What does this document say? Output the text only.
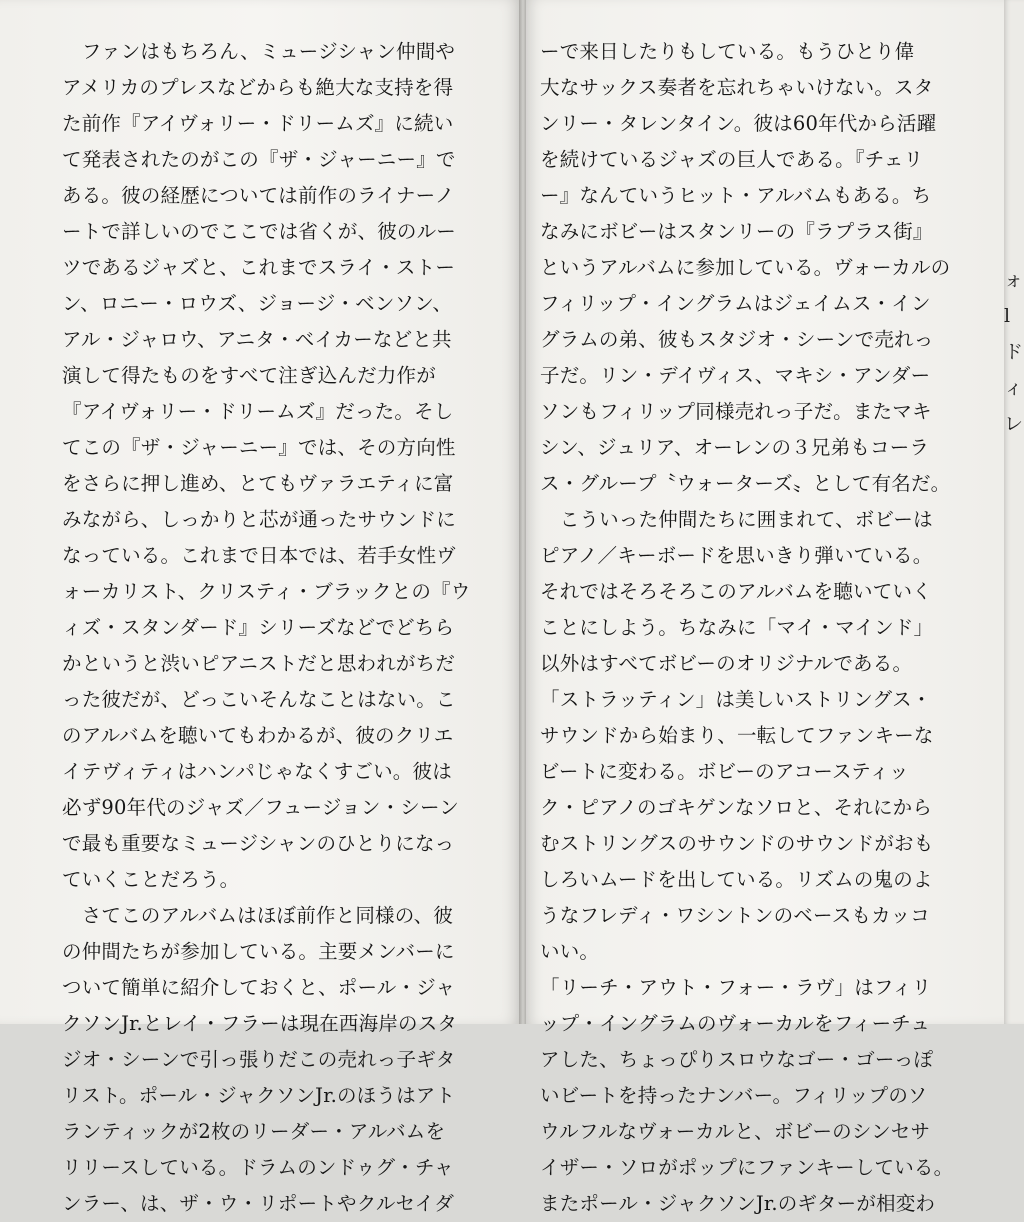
　ファンはもちろん、ミュージシャン仲間や
アメリカのプレスなどからも絶大な支持を得
た前作『アイヴォリー・ドリームズ』に続い
て発表されたのがこの『ザ・ジャーニー』で
ある。彼の経歴については前作のライナーノ
ートで詳しいのでここでは省くが、彼のルー
ツであるジャズと、これまでスライ・ストー
ン、ロニー・ロウズ、ジョージ・ベンソン、
アル・ジャロウ、アニタ・ベイカーなどと共
演して得たものをすべて注ぎ込んだ力作が
『アイヴォリー・ドリームズ』だった。そし
てこの『ザ・ジャーニー』では、その方向性
をさらに押し進め、とてもヴァラエティに富
みながら、しっかりと芯が通ったサウンドに
なっている。これまで日本では、若手女性ヴ
ォーカリスト、クリスティ・ブラックとの『ウ
ィズ・スタンダード』シリーズなどでどちら
かというと渋いピアニストだと思われがちだ
った彼だが、どっこいそんなことはない。こ
のアルバムを聴いてもわかるが、彼のクリエ
イテヴィティはハンパじゃなくすごい。彼は
必ず90年代のジャズ／フュージョン・シーン
で最も重要なミュージシャンのひとりになっ
ていくことだろう。
　さてこのアルバムはほぼ前作と同様の、彼
の仲間たちが参加している。主要メンバーに
ついて簡単に紹介しておくと、ポール・ジャ
クソンJr.とレイ・フラーは現在西海岸のスタ
ジオ・シーンで引っ張りだこの売れっ子ギタ
リスト。ポール・ジャクソンJr.のほうはアト
ランティックが2枚のリーダー・アルバムを
リリースしている。ドラムのンドゥグ・チャ
ンラー、は、ザ・ウ・リポートやクルセイダ
ーで来日したりもしている。もうひとり偉
大なサックス奏者を忘れちゃいけない。スタ
ンリー・タレンタイン。彼は60年代から活躍
を続けているジャズの巨人である。『チェリ
ー』なんていうヒット・アルバムもある。ち
なみにボビーはスタンリーの『ラプラス街』
というアルバムに参加している。ヴォーカルの
フィリップ・イングラムはジェイムス・イン
グラムの弟、彼もスタジオ・シーンで売れっ
子だ。リン・デイヴィス、マキシ・アンダー
ソンもフィリップ同様売れっ子だ。またマキ
シン、ジュリア、オーレンの３兄弟もコーラ
ス・グループ〝ウォーターズ〟として有名だ。
　こういった仲間たちに囲まれて、ボビーは
ピアノ／キーボードを思いきり弾いている。
それではそろそろこのアルバムを聴いていく
ことにしよう。ちなみに「マイ・マインド」
以外はすべてボビーのオリジナルである。
「ストラッティン」は美しいストリングス・
サウンドから始まり、一転してファンキーな
ビートに変わる。ボビーのアコースティッ
ク・ピアノのゴキゲンなソロと、それにから
むストリングスのサウンドのサウンドがおも
しろいムードを出している。リズムの鬼のよ
うなフレディ・ワシントンのベースもカッコ
いい。
「リーチ・アウト・フォー・ラヴ」はフィリ
ップ・イングラムのヴォーカルをフィーチュ
アした、ちょっぴりスロウなゴー・ゴーっぽ
いビートを持ったナンバー。フィリップのソ
ウルフルなヴォーカルと、ボビーのシンセサ
イザー・ソロがポップにファンキーしている。
またポール・ジャクソンJr.のギターが相変わ
ォ
l
ド
ィ
レ
